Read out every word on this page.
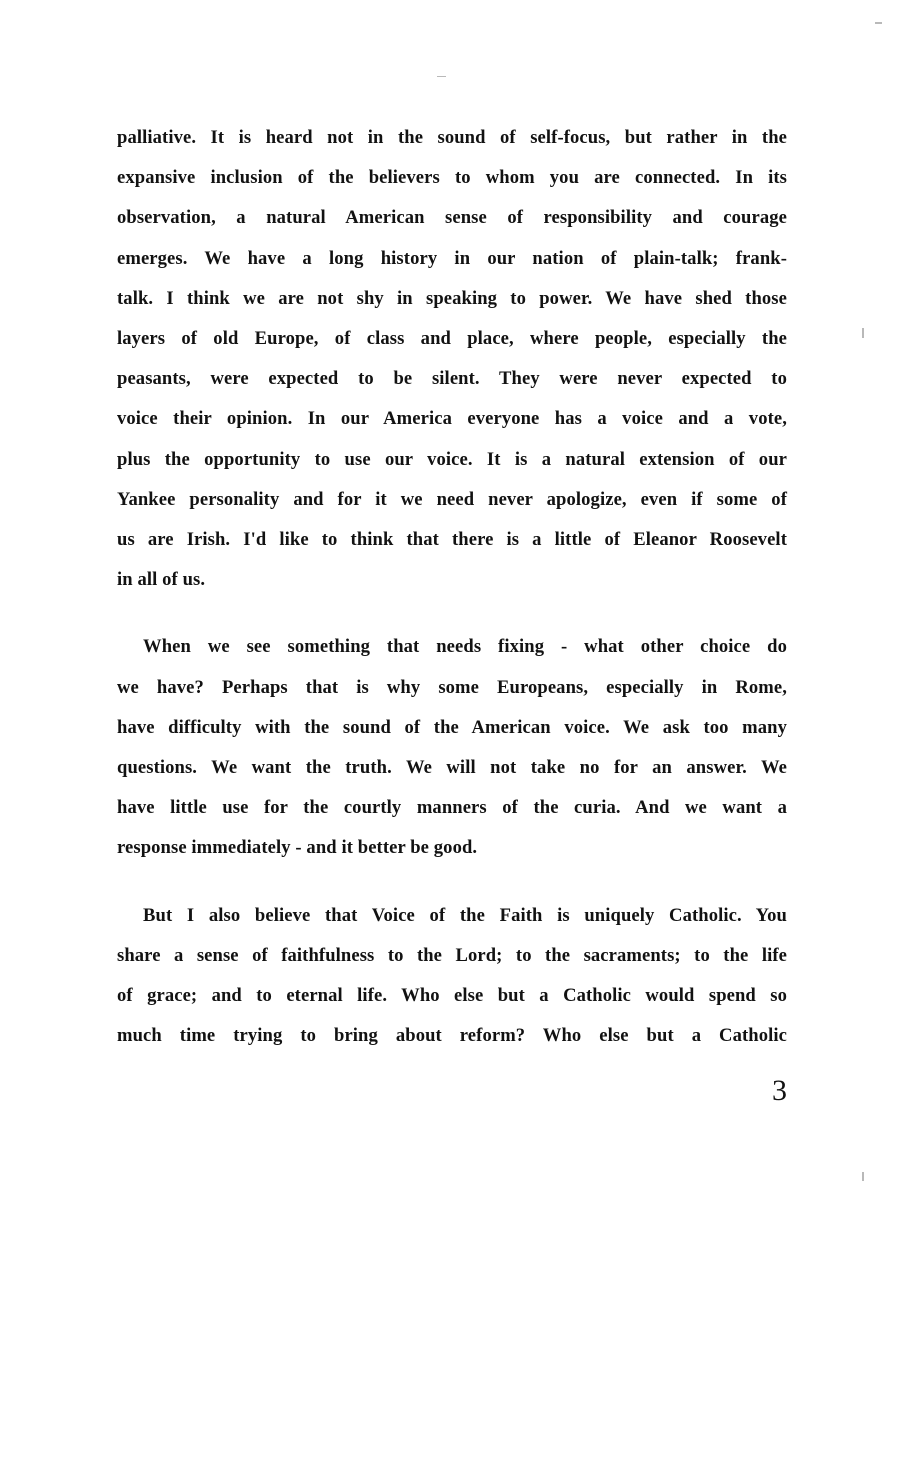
palliative. It is heard not in the sound of self-focus, but rather in the
expansive inclusion of the believers to whom you are connected. In its
observation, a natural American sense of responsibility and courage
emerges. We have a long history in our nation of plain-talk; frank-
talk. I think we are not shy in speaking to power. We have shed those
layers of old Europe, of class and place, where people, especially the
peasants, were expected to be silent. They were never expected to
voice their opinion. In our America everyone has a voice and a vote,
plus the opportunity to use our voice. It is a natural extension of our
Yankee personality and for it we need never apologize, even if some of
us are Irish. I'd like to think that there is a little of Eleanor Roosevelt
in all of us.
When we see something that needs fixing - what other choice do
we have? Perhaps that is why some Europeans, especially in Rome,
have difficulty with the sound of the American voice. We ask too many
questions. We want the truth. We will not take no for an answer. We
have little use for the courtly manners of the curia. And we want a
response immediately - and it better be good.
But I also believe that Voice of the Faith is uniquely Catholic. You
share a sense of faithfulness to the Lord; to the sacraments; to the life
of grace; and to eternal life. Who else but a Catholic would spend so
much time trying to bring about reform? Who else but a Catholic
3
